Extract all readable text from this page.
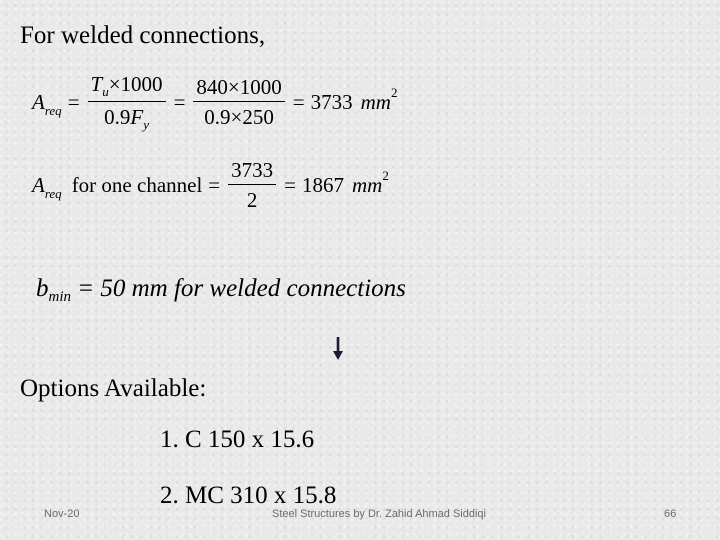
For welded connections,
$A_{req} = \frac{T_u\times 1000}{0.9F_y} = \frac{840\times 1000}{0.9\times 250} = 3733$ mm 2
$A_{req}$ for one channel = $\frac{3733}{2} = 1867$ mm 2
$b_{min} = 50$ mm for welded connections
Options Available:
1. C 150 x 15.6
2. MC 310 x 15.8
Nov-20	Steel Structures by Dr. Zahid Ahmad Siddiqi	66
